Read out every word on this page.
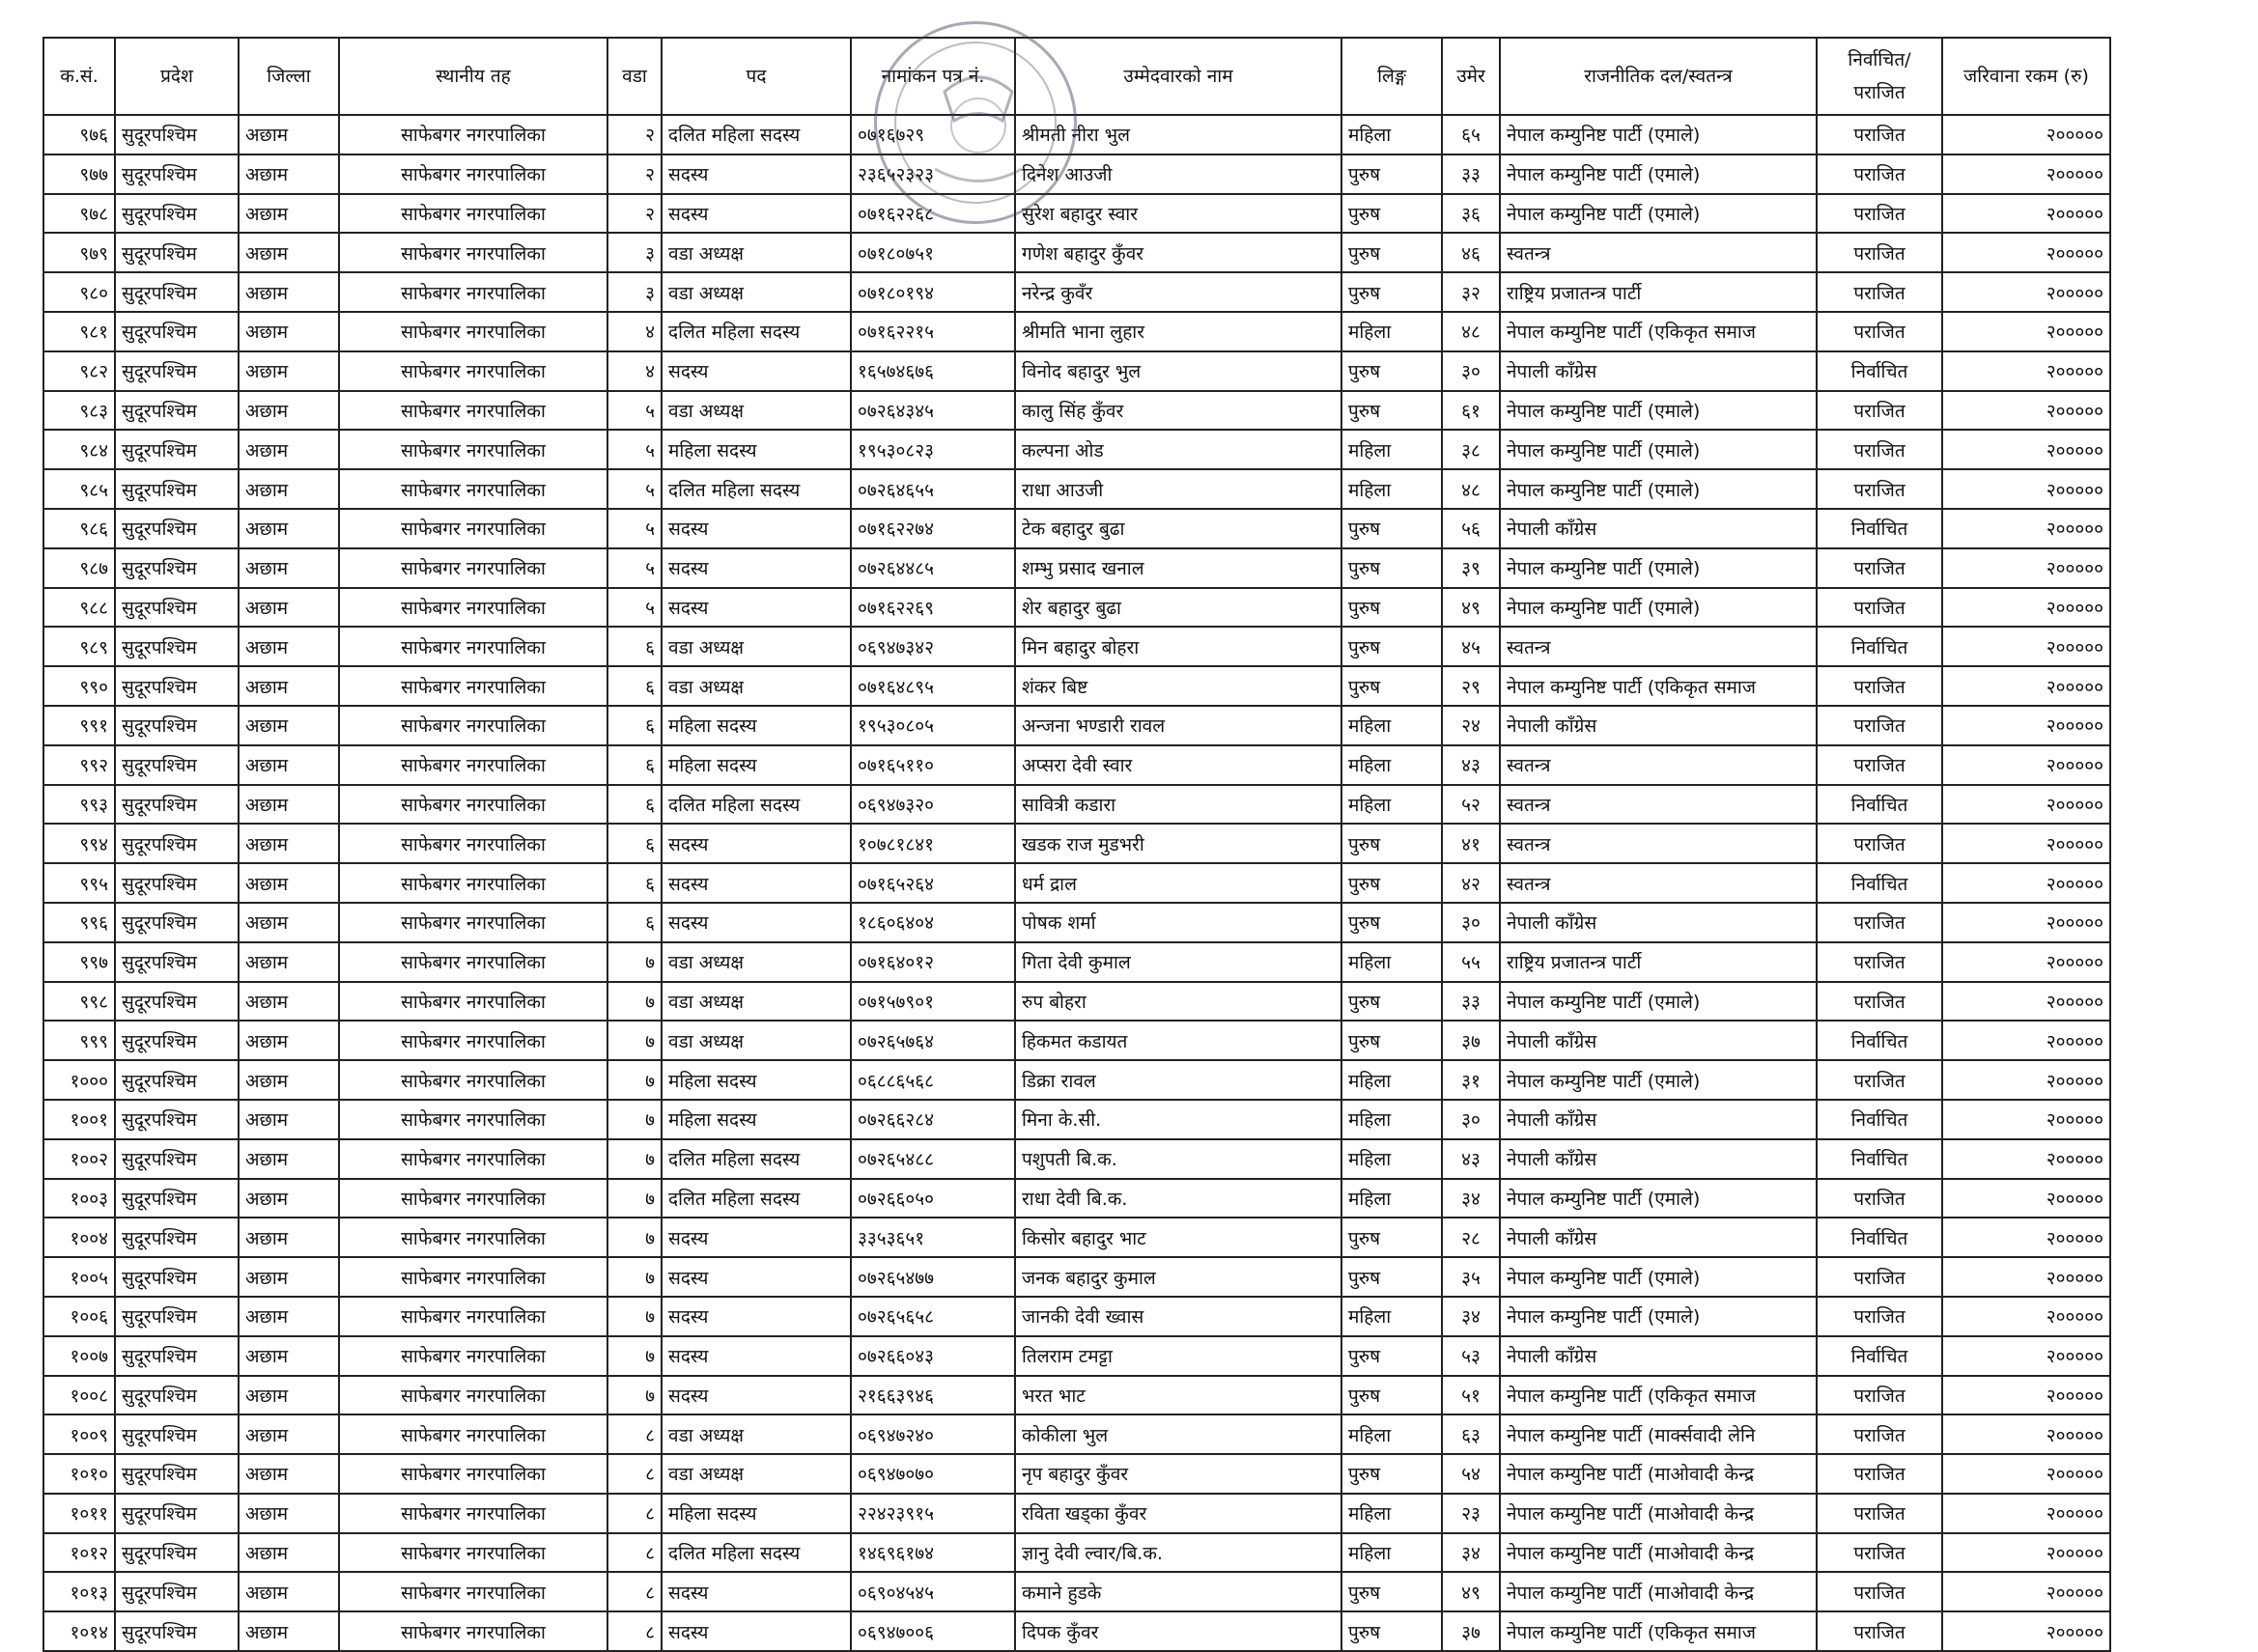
क.सं.	प्रदेश	जिल्ला	स्थानीय तह	वडा	पद	नामांकन पत्र नं.	उम्मेदवारको नाम	लिङ्ग	उमेर	राजनीतिक दल/स्वतन्त्र	निर्वाचित/ पराजित	जरिवाना रकम (रु)
९७६	सुदूरपश्चिम	अछाम	साफेबगर नगरपालिका	२	दलित महिला सदस्य	०७१६७२९	श्रीमती नीरा भुल	महिला	६५	नेपाल कम्युनिष्ट पार्टी (एमाले)	पराजित	२०००००
९७७	सुदूरपश्चिम	अछाम	साफेबगर नगरपालिका	२	सदस्य	२३६५२३२३	दिनेश आउजी	पुरुष	३३	नेपाल कम्युनिष्ट पार्टी (एमाले)	पराजित	२०००००
९७८	सुदूरपश्चिम	अछाम	साफेबगर नगरपालिका	२	सदस्य	०७१६२२६८	सुरेश बहादुर स्वार	पुरुष	३६	नेपाल कम्युनिष्ट पार्टी (एमाले)	पराजित	२०००००
९७९	सुदूरपश्चिम	अछाम	साफेबगर नगरपालिका	३	वडा अध्यक्ष	०७१८०७५१	गणेश बहादुर कुँवर	पुरुष	४६	स्वतन्त्र	पराजित	२०००००
९८०	सुदूरपश्चिम	अछाम	साफेबगर नगरपालिका	३	वडा अध्यक्ष	०७१८०१९४	नरेन्द्र कुवँर	पुरुष	३२	राष्ट्रिय प्रजातन्त्र पार्टी	पराजित	२०००००
९८१	सुदूरपश्चिम	अछाम	साफेबगर नगरपालिका	४	दलित महिला सदस्य	०७१६२२१५	श्रीमति भाना लुहार	महिला	४८	नेपाल कम्युनिष्ट पार्टी (एकिकृत समाज	पराजित	२०००००
९८२	सुदूरपश्चिम	अछाम	साफेबगर नगरपालिका	४	सदस्य	१६५७४६७६	विनोद बहादुर भुल	पुरुष	३०	नेपाली काँग्रेस	निर्वाचित	२०००००
९८३	सुदूरपश्चिम	अछाम	साफेबगर नगरपालिका	५	वडा अध्यक्ष	०७२६४३४५	कालु सिंह कुँवर	पुरुष	६१	नेपाल कम्युनिष्ट पार्टी (एमाले)	पराजित	२०००००
९८४	सुदूरपश्चिम	अछाम	साफेबगर नगरपालिका	५	महिला सदस्य	१९५३०८२३	कल्पना ओड	महिला	३८	नेपाल कम्युनिष्ट पार्टी (एमाले)	पराजित	२०००००
९८५	सुदूरपश्चिम	अछाम	साफेबगर नगरपालिका	५	दलित महिला सदस्य	०७२६४६५५	राधा आउजी	महिला	४८	नेपाल कम्युनिष्ट पार्टी (एमाले)	पराजित	२०००००
९८६	सुदूरपश्चिम	अछाम	साफेबगर नगरपालिका	५	सदस्य	०७१६२२७४	टेक बहादुर बुढा	पुरुष	५६	नेपाली काँग्रेस	निर्वाचित	२०००००
९८७	सुदूरपश्चिम	अछाम	साफेबगर नगरपालिका	५	सदस्य	०७२६४४८५	शम्भु प्रसाद खनाल	पुरुष	३९	नेपाल कम्युनिष्ट पार्टी (एमाले)	पराजित	२०००००
९८८	सुदूरपश्चिम	अछाम	साफेबगर नगरपालिका	५	सदस्य	०७१६२२६९	शेर बहादुर बुढा	पुरुष	४९	नेपाल कम्युनिष्ट पार्टी (एमाले)	पराजित	२०००००
९८९	सुदूरपश्चिम	अछाम	साफेबगर नगरपालिका	६	वडा अध्यक्ष	०६९४७३४२	मिन बहादुर बोहरा	पुरुष	४५	स्वतन्त्र	निर्वाचित	२०००००
९९०	सुदूरपश्चिम	अछाम	साफेबगर नगरपालिका	६	वडा अध्यक्ष	०७१६४८९५	शंकर बिष्ट	पुरुष	२९	नेपाल कम्युनिष्ट पार्टी (एकिकृत समाज	पराजित	२०००००
९९१	सुदूरपश्चिम	अछाम	साफेबगर नगरपालिका	६	महिला सदस्य	१९५३०८०५	अन्जना भण्डारी रावल	महिला	२४	नेपाली काँग्रेस	पराजित	२०००००
९९२	सुदूरपश्चिम	अछाम	साफेबगर नगरपालिका	६	महिला सदस्य	०७१६५११०	अप्सरा देवी स्वार	महिला	४३	स्वतन्त्र	पराजित	२०००००
९९३	सुदूरपश्चिम	अछाम	साफेबगर नगरपालिका	६	दलित महिला सदस्य	०६९४७३२०	सावित्री कडारा	महिला	५२	स्वतन्त्र	निर्वाचित	२०००००
९९४	सुदूरपश्चिम	अछाम	साफेबगर नगरपालिका	६	सदस्य	१०७८१८४१	खडक राज मुडभरी	पुरुष	४१	स्वतन्त्र	पराजित	२०००००
९९५	सुदूरपश्चिम	अछाम	साफेबगर नगरपालिका	६	सदस्य	०७१६५२६४	धर्म द्राल	पुरुष	४२	स्वतन्त्र	निर्वाचित	२०००००
९९६	सुदूरपश्चिम	अछाम	साफेबगर नगरपालिका	६	सदस्य	१८६०६४०४	पोषक शर्मा	पुरुष	३०	नेपाली काँग्रेस	पराजित	२०००००
९९७	सुदूरपश्चिम	अछाम	साफेबगर नगरपालिका	७	वडा अध्यक्ष	०७१६४०१२	गिता देवी कुमाल	महिला	५५	राष्ट्रिय प्रजातन्त्र पार्टी	पराजित	२०००००
९९८	सुदूरपश्चिम	अछाम	साफेबगर नगरपालिका	७	वडा अध्यक्ष	०७१५७९०१	रुप बोहरा	पुरुष	३३	नेपाल कम्युनिष्ट पार्टी (एमाले)	पराजित	२०००००
९९९	सुदूरपश्चिम	अछाम	साफेबगर नगरपालिका	७	वडा अध्यक्ष	०७२६५७६४	हिकमत कडायत	पुरुष	३७	नेपाली काँग्रेस	निर्वाचित	२०००००
१०००	सुदूरपश्चिम	अछाम	साफेबगर नगरपालिका	७	महिला सदस्य	०६८८६५६८	डिक्रा रावल	महिला	३१	नेपाल कम्युनिष्ट पार्टी (एमाले)	पराजित	२०००००
१००१	सुदूरपश्चिम	अछाम	साफेबगर नगरपालिका	७	महिला सदस्य	०७२६६२८४	मिना के.सी.	महिला	३०	नेपाली काँग्रेस	निर्वाचित	२०००००
१००२	सुदूरपश्चिम	अछाम	साफेबगर नगरपालिका	७	दलित महिला सदस्य	०७२६५४८८	पशुपती बि.क.	महिला	४३	नेपाली काँग्रेस	निर्वाचित	२०००००
१००३	सुदूरपश्चिम	अछाम	साफेबगर नगरपालिका	७	दलित महिला सदस्य	०७२६६०५०	राधा देवी बि.क.	महिला	३४	नेपाल कम्युनिष्ट पार्टी (एमाले)	पराजित	२०००००
१००४	सुदूरपश्चिम	अछाम	साफेबगर नगरपालिका	७	सदस्य	३३५३६५१	किसोर बहादुर भाट	पुरुष	२८	नेपाली काँग्रेस	निर्वाचित	२०००००
१००५	सुदूरपश्चिम	अछाम	साफेबगर नगरपालिका	७	सदस्य	०७२६५४७७	जनक बहादुर कुमाल	पुरुष	३५	नेपाल कम्युनिष्ट पार्टी (एमाले)	पराजित	२०००००
१००६	सुदूरपश्चिम	अछाम	साफेबगर नगरपालिका	७	सदस्य	०७२६५६५८	जानकी देवी ख्वास	महिला	३४	नेपाल कम्युनिष्ट पार्टी (एमाले)	पराजित	२०००००
१००७	सुदूरपश्चिम	अछाम	साफेबगर नगरपालिका	७	सदस्य	०७२६६०४३	तिलराम टमट्टा	पुरुष	५३	नेपाली काँग्रेस	निर्वाचित	२०००००
१००८	सुदूरपश्चिम	अछाम	साफेबगर नगरपालिका	७	सदस्य	२१६६३९४६	भरत भाट	पुरुष	५१	नेपाल कम्युनिष्ट पार्टी (एकिकृत समाज	पराजित	२०००००
१००९	सुदूरपश्चिम	अछाम	साफेबगर नगरपालिका	८	वडा अध्यक्ष	०६९४७२४०	कोकीला भुल	महिला	६३	नेपाल कम्युनिष्ट पार्टी (मार्क्सवादी लेनि	पराजित	२०००००
१०१०	सुदूरपश्चिम	अछाम	साफेबगर नगरपालिका	८	वडा अध्यक्ष	०६९४७०७०	नृप बहादुर कुँवर	पुरुष	५४	नेपाल कम्युनिष्ट पार्टी (माओवादी केन्द्र	पराजित	२०००००
१०११	सुदूरपश्चिम	अछाम	साफेबगर नगरपालिका	८	महिला सदस्य	२२४२३९१५	रविता खड्का कुँवर	महिला	२३	नेपाल कम्युनिष्ट पार्टी (माओवादी केन्द्र	पराजित	२०००००
१०१२	सुदूरपश्चिम	अछाम	साफेबगर नगरपालिका	८	दलित महिला सदस्य	१४६९६१७४	ज्ञानु देवी ल्वार/बि.क.	महिला	३४	नेपाल कम्युनिष्ट पार्टी (माओवादी केन्द्र	पराजित	२०००००
१०१३	सुदूरपश्चिम	अछाम	साफेबगर नगरपालिका	८	सदस्य	०६९०४५४५	कमाने हुडके	पुरुष	४९	नेपाल कम्युनिष्ट पार्टी (माओवादी केन्द्र	पराजित	२०००००
१०१४	सुदूरपश्चिम	अछाम	साफेबगर नगरपालिका	८	सदस्य	०६९४७००६	दिपक कुँवर	पुरुष	३७	नेपाल कम्युनिष्ट पार्टी (एकिकृत समाज	पराजित	२०००००
